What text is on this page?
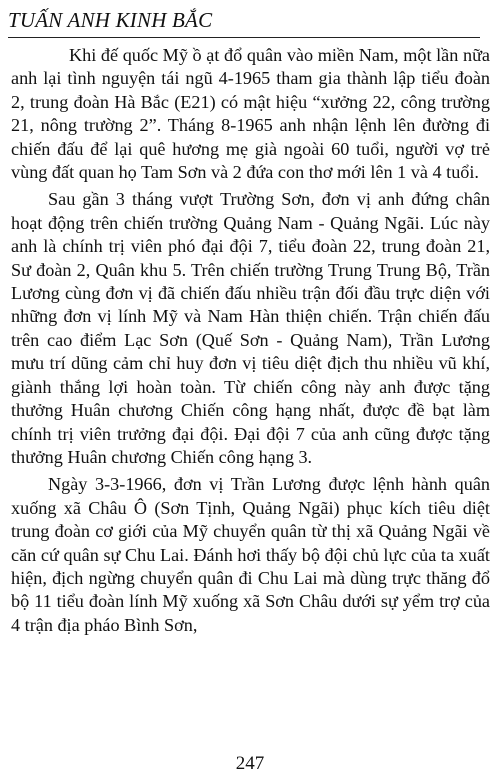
TUẤN ANH KINH BẮC

Khi đế quốc Mỹ ồ ạt đổ quân vào miền Nam, một lần nữa anh lại tình nguyện tái ngũ 4-1965 tham gia thành lập tiểu đoàn 2, trung đoàn Hà Bắc (E21) có mật hiệu “xưởng 22, công trường 21, nông trường 2”. Tháng 8-1965 anh nhận lệnh lên đường đi chiến đấu để lại quê hương mẹ già ngoài 60 tuổi, người vợ trẻ vùng đất quan họ Tam Sơn và 2 đứa con thơ mới lên 1 và 4 tuổi.

Sau gần 3 tháng vượt Trường Sơn, đơn vị anh đứng chân hoạt động trên chiến trường Quảng Nam - Quảng Ngãi. Lúc này anh là chính trị viên phó đại đội 7, tiểu đoàn 22, trung đoàn 21, Sư đoàn 2, Quân khu 5. Trên chiến trường Trung Trung Bộ, Trần Lương cùng đơn vị đã chiến đấu nhiều trận đối đầu trực diện với những đơn vị lính Mỹ và Nam Hàn thiện chiến. Trận chiến đấu trên cao điểm Lạc Sơn (Quế Sơn - Quảng Nam), Trần Lương mưu trí dũng cảm chỉ huy đơn vị tiêu diệt địch thu nhiều vũ khí, giành thắng lợi hoàn toàn. Từ chiến công này anh được tặng thưởng Huân chương Chiến công hạng nhất, được đề bạt làm chính trị viên trưởng đại đội. Đại đội 7 của anh cũng được tặng thưởng Huân chương Chiến công hạng 3.

Ngày 3-3-1966, đơn vị Trần Lương được lệnh hành quân xuống xã Châu Ô (Sơn Tịnh, Quảng Ngãi) phục kích tiêu diệt trung đoàn cơ giới của Mỹ chuyển quân từ thị xã Quảng Ngãi về căn cứ quân sự Chu Lai. Đánh hơi thấy bộ đội chủ lực của ta xuất hiện, địch ngừng chuyển quân đi Chu Lai mà dùng trực thăng đổ bộ 11 tiểu đoàn lính Mỹ xuống xã Sơn Châu dưới sự yểm trợ của 4 trận địa pháo Bình Sơn,

247
